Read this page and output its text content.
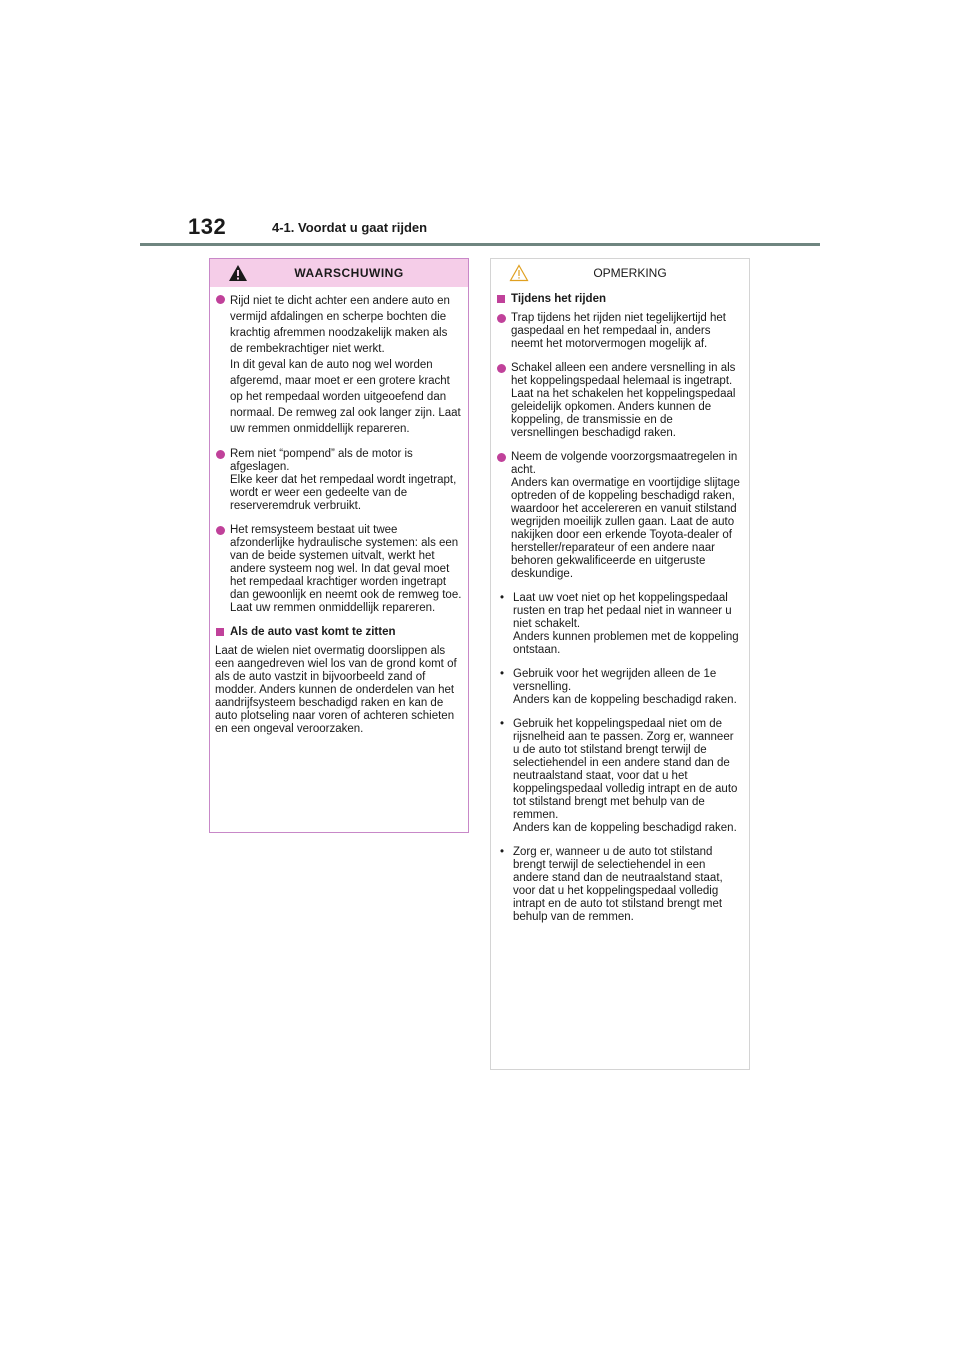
132	4-1. Voordat u gaat rijden
WAARSCHUWING

Rijd niet te dicht achter een andere auto en vermijd afdalingen en scherpe bochten die krachtig afremmen noodzakelijk maken als de rembekrachtiger niet werkt.

In dit geval kan de auto nog wel worden afgeremd, maar moet er een grotere kracht op het rempedaal worden uitgeoefend dan normaal. De remweg zal ook langer zijn. Laat uw remmen onmiddellijk repareren.

Rem niet “pompend” als de motor is afgeslagen.

Elke keer dat het rempedaal wordt ingetrapt, wordt er weer een gedeelte van de reserveremdruk verbruikt.

Het remsysteem bestaat uit twee afzonderlijke hydraulische systemen: als een van de beide systemen uitvalt, werkt het andere systeem nog wel. In dat geval moet het rempedaal krachtiger worden ingetrapt dan gewoonlijk en neemt ook de remweg toe. Laat uw remmen onmiddellijk repareren.

Als de auto vast komt te zitten

Laat de wielen niet overmatig doorslippen als een aangedreven wiel los van de grond komt of als de auto vastzit in bijvoorbeeld zand of modder. Anders kunnen de onderdelen van het aandrijfsysteem beschadigd raken en kan de auto plotseling naar voren of achteren schieten en een ongeval veroorzaken.

OPMERKING
Tijdens het rijden

Trap tijdens het rijden niet tegelijkertijd het gaspedaal en het rempedaal in, anders neemt het motorvermogen mogelijk af.

Schakel alleen een andere versnelling in als het koppelingspedaal helemaal is ingetrapt. Laat na het schakelen het koppelingspedaal geleidelijk opkomen. Anders kunnen de koppeling, de transmissie en de versnellingen beschadigd raken.

Neem de volgende voorzorgsmaatregelen in acht.

Anders kan overmatige en voortijdige slijtage optreden of de koppeling beschadigd raken, waardoor het accelereren en vanuit stilstand wegrijden moeilijk zullen gaan. Laat de auto nakijken door een erkende Toyota-dealer of hersteller/reparateur of een andere naar behoren gekwalificeerde en uitgeruste deskundige.

• Laat uw voet niet op het koppelingspedaal rusten en trap het pedaal niet in wanneer u niet schakelt.

Anders kunnen problemen met de koppeling ontstaan.

• Gebruik voor het wegrijden alleen de 1e versnelling.

Anders kan de koppeling beschadigd raken.

• Gebruik het koppelingspedaal niet om de rijsnelheid aan te passen. Zorg er, wanneer u de auto tot stilstand brengt terwijl de selectiehendel in een andere stand dan de neutraalstand staat, voor dat u het koppelingspedaal volledig intrapt en de auto tot stilstand brengt met behulp van de remmen.

Anders kan de koppeling beschadigd raken.

• Zorg er, wanneer u de auto tot stilstand brengt terwijl de selectiehendel in een andere stand dan de neutraalstand staat, voor dat u het koppelingspedaal volledig intrapt en de auto tot stilstand brengt met behulp van de remmen.
